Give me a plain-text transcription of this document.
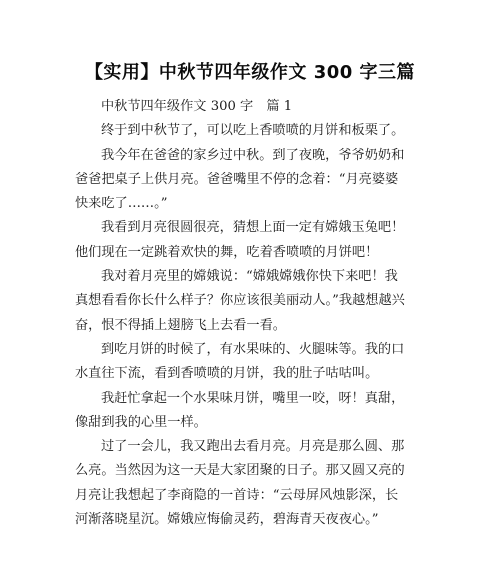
【实用】中秋节四年级作文 300 字三篇
中秋节四年级作文 300 字　篇 1
终于到中秋节了，可以吃上香喷喷的月饼和板栗了。
我今年在爸爸的家乡过中秋。到了夜晚，爷爷奶奶和
爸爸把桌子上供月亮。爸爸嘴里不停的念着：“月亮婆婆
快来吃了……。”
我看到月亮很圆很亮，猜想上面一定有嫦娥玉兔吧！
他们现在一定跳着欢快的舞，吃着香喷喷的月饼吧！
我对着月亮里的嫦娥说：“嫦娥嫦娥你快下来吧！我
真想看看你长什么样子？你应该很美丽动人。”我越想越兴
奋，恨不得插上翅膀飞上去看一看。
到吃月饼的时候了，有水果味的、火腿味等。我的口
水直往下流，看到香喷喷的月饼，我的肚子咕咕叫。
我赶忙拿起一个水果味月饼，嘴里一咬，呀！真甜，
像甜到我的心里一样。
过了一会儿，我又跑出去看月亮。月亮是那么圆、那
么亮。当然因为这一天是大家团聚的日子。那又圆又亮的
月亮让我想起了李商隐的一首诗：“云母屏风烛影深，长
河渐落晓星沉。嫦娥应悔偷灵药，碧海青天夜夜心。”
